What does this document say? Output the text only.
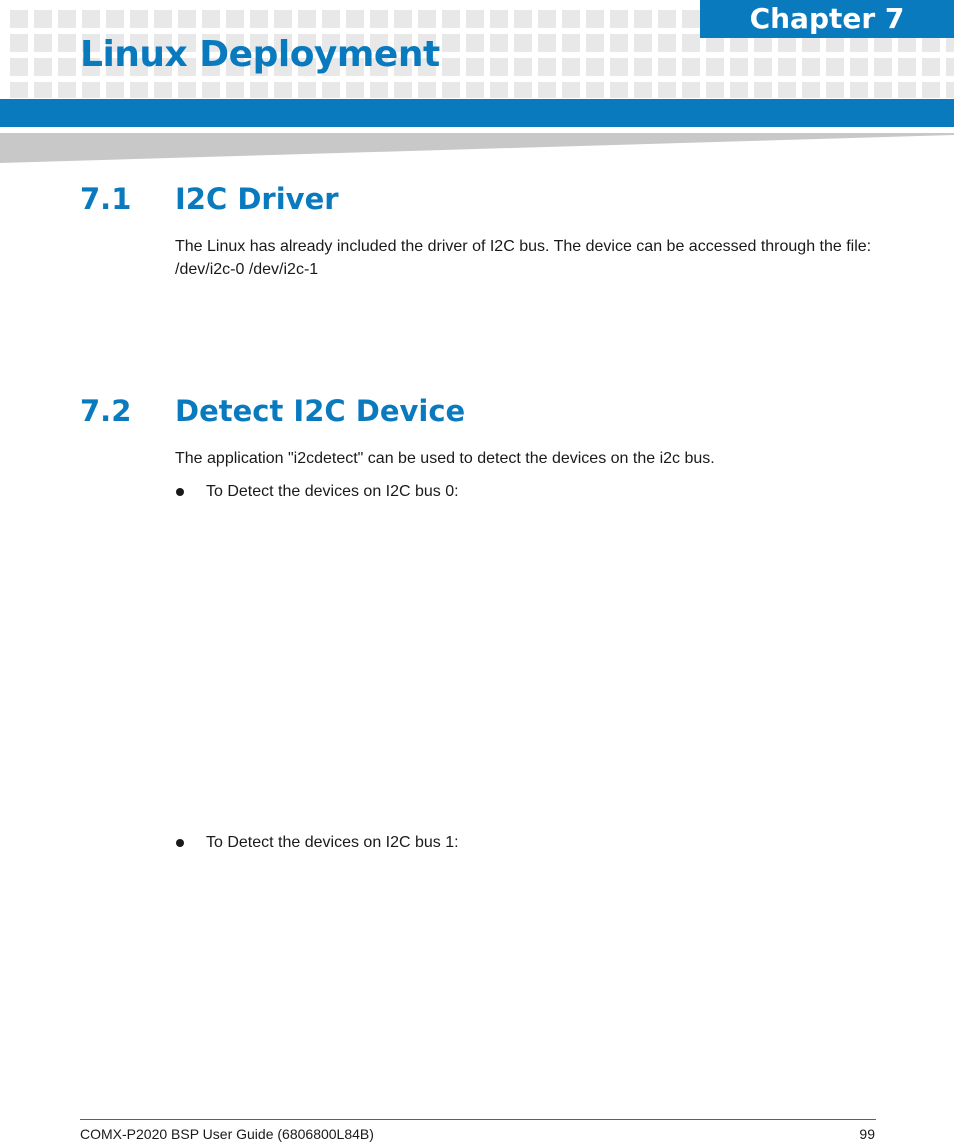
Chapter 7
Linux Deployment
7.1 I2C Driver
The Linux has already included the driver of I2C bus. The device can be accessed through the file: /dev/i2c-0 /dev/i2c-1
7.2 Detect I2C Device
The application "i2cdetect" can be used to detect the devices on the i2c bus.
To Detect the devices on I2C bus 0:
To Detect the devices on I2C bus 1:
COMX-P2020 BSP User Guide (6806800L84B)	99
